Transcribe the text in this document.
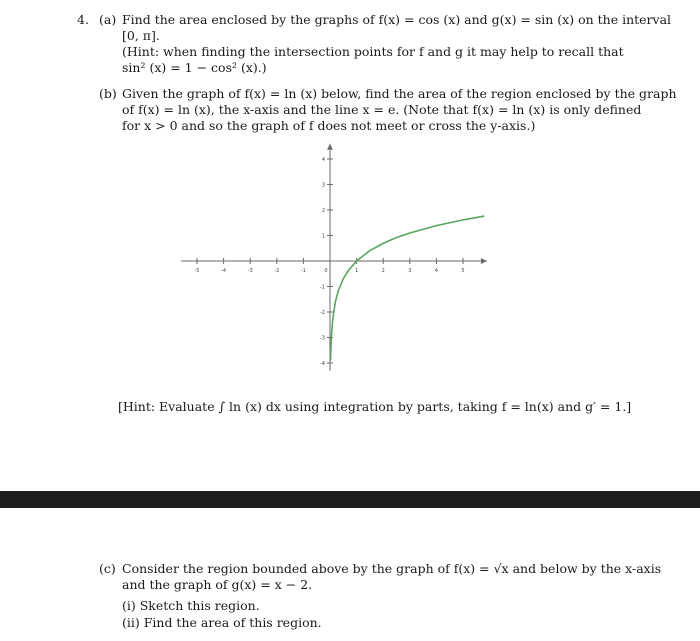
4. (a) Find the area enclosed by the graphs of f(x) = cos (x) and g(x) = sin (x) on the interval
[0, π].
(Hint: when finding the intersection points for f and g it may help to recall that
sin² (x) = 1 − cos² (x).)
(b) Given the graph of f(x) = ln (x) below, find the area of the region enclosed by the graph
of f(x) = ln (x), the x-axis and the line x = e. (Note that f(x) = ln (x) is only defined
for x > 0 and so the graph of f does not meet or cross the y-axis.)
-5	-4	-3	-2	-1	0	1	2	3	4	5
4
3
2
1
-1
-2
-3
-4
[Hint: Evaluate ∫ ln (x) dx using integration by parts, taking f = ln(x) and g′ = 1.]
(c) Consider the region bounded above by the graph of f(x) = √x and below by the x-axis
and the graph of g(x) = x − 2.
(i) Sketch this region.
(ii) Find the area of this region.
